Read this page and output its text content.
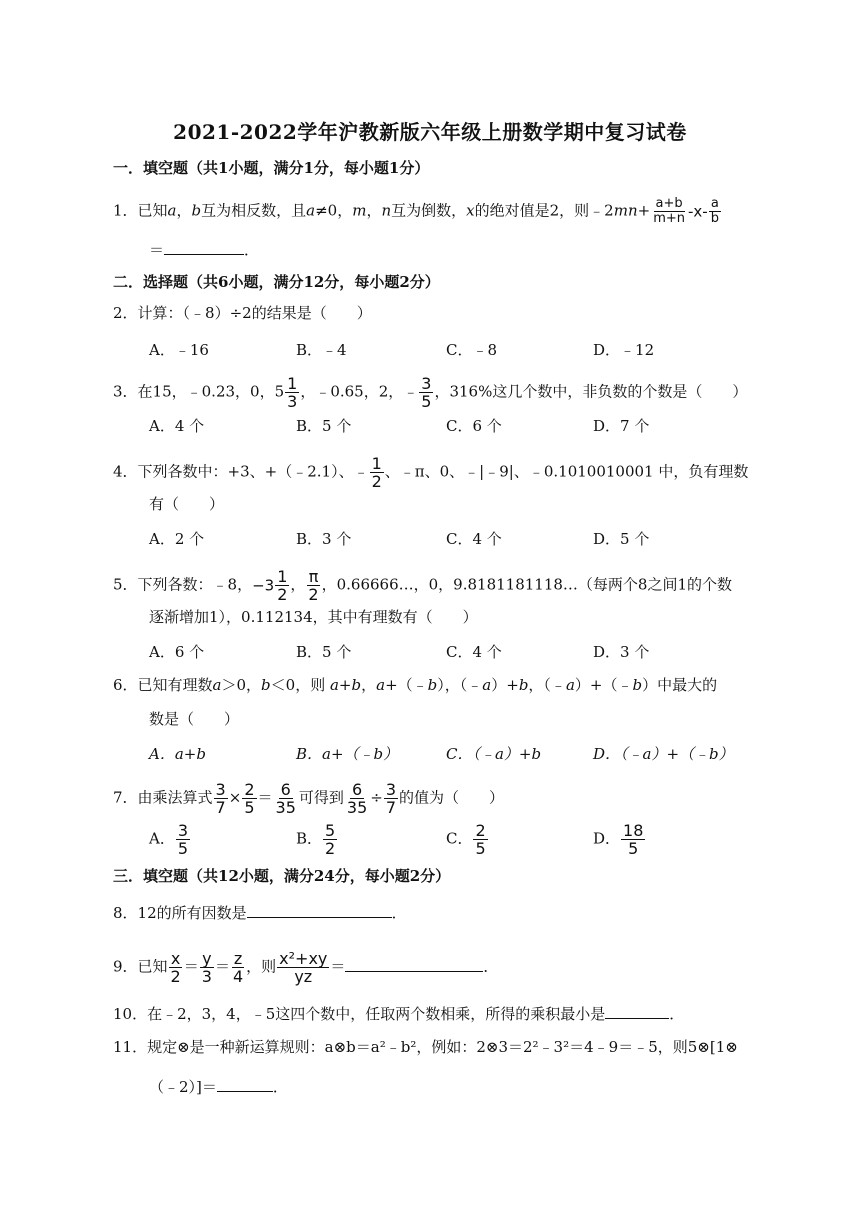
2021-2022学年沪教新版六年级上册数学期中复习试卷
一．填空题（共1小题，满分1分，每小题1分）
1．已知a，b互为相反数，且a≠0，m，n互为倒数，x的绝对值是2，则﹣2mn+ $\frac{a+b}{m+n} -x- \frac{a}{b}$
＝	．
二．选择题（共6小题，满分12分，每小题2分）
2．计算：（﹣8）÷2的结果是（　　）
A．﹣16	B．﹣4	C．﹣8	D．﹣12
3．在15，﹣0.23，0，$5 \frac{1}{3}$ ，﹣0.65，2，﹣ $\frac{3}{5}$ ，316%这几个数中，非负数的个数是（　　）
A．4 个	B．5 个	C．6 个	D．7 个
4．下列各数中：+3、+（﹣2.1）、﹣ $\frac{1}{2}$ 、﹣π、0、﹣|﹣9|、﹣0.1010010001 中，负有理数
有（　　）
A．2 个	B．3 个	C．4 个	D．5 个
5．下列各数：﹣8，$-3 \frac{1}{2}$ ， $\frac{\pi}{2}$ ，0.66666…，0，9.8181181118…（每两个8之间1的个数
逐渐增加1），0.112134，其中有理数有（　　）
A．6 个	B．5 个	C．4 个	D．3 个
6．已知有理数a＞0，b＜0，则 a+b，a+（﹣b），（﹣a）+b，（﹣a）+（﹣b）中最大的
数是（　　）
A．a+b	B．a+（﹣b）	C．（﹣a）+b	D．（﹣a）+（﹣b）
7．由乘法算式 $\frac{3}{7} \times \frac{2}{5} = \frac{6}{35}$ 可得到 $\frac{6}{35} \div \frac{3}{7}$ 的值为（　　）
A． $\frac{3}{5}$	B． $\frac{5}{2}$	C． $\frac{2}{5}$	D． $\frac{18}{5}$
三．填空题（共12小题，满分24分，每小题2分）
8．12的所有因数是	．
9．已知 $\frac{x}{2} = \frac{y}{3} = \frac{z}{4}$ ，则 $\frac{\text{x²+xy}}{yz}$ ＝	．
10．在﹣2，3，4，﹣5这四个数中，任取两个数相乘，所得的乘积最小是	．
11．规定⊗是一种新运算规则：a⊗b＝a²﹣b²，例如：2⊗3＝2²﹣3²＝4﹣9＝﹣5，则5⊗[1⊗
（﹣2）]＝	．
